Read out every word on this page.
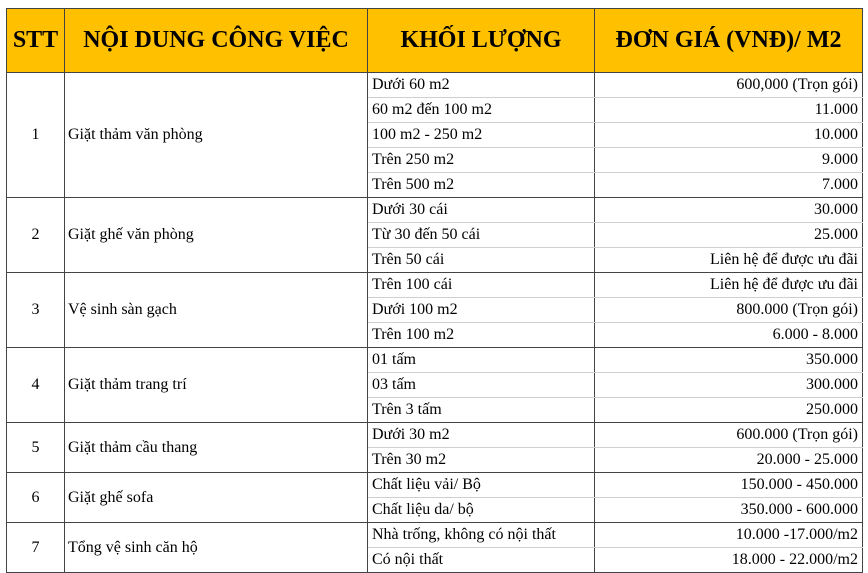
STT	NỘI DUNG CÔNG VIỆC	KHỐI LƯỢNG	ĐƠN GIÁ (VNĐ)/ M2
1	Giặt thảm văn phòng	Dưới 60 m2	600,000 (Trọn gói)
		60 m2 đến 100 m2	11.000
		100 m2 - 250 m2	10.000
		Trên 250 m2	9.000
		Trên 500 m2	7.000
2	Giặt ghế văn phòng	Dưới 30 cái	30.000
		Từ 30 đến 50 cái	25.000
		Trên 50 cái	Liên hệ để được ưu đãi
3	Vệ sinh sàn gạch	Trên 100 cái	Liên hệ để được ưu đãi
		Dưới 100 m2	800.000 (Trọn gói)
		Trên 100 m2	6.000 - 8.000
4	Giặt thảm trang trí	01 tấm	350.000
		03 tấm	300.000
		Trên 3 tấm	250.000
5	Giặt thảm cầu thang	Dưới 30 m2	600.000 (Trọn gói)
		Trên 30 m2	20.000 - 25.000
6	Giặt ghế sofa	Chất liệu vải/ Bộ	150.000 - 450.000
		Chất liệu da/ bộ	350.000 - 600.000
7	Tổng vệ sinh căn hộ	Nhà trống, không có nội thất	10.000 -17.000/m2
		Có nội thất	18.000 - 22.000/m2
